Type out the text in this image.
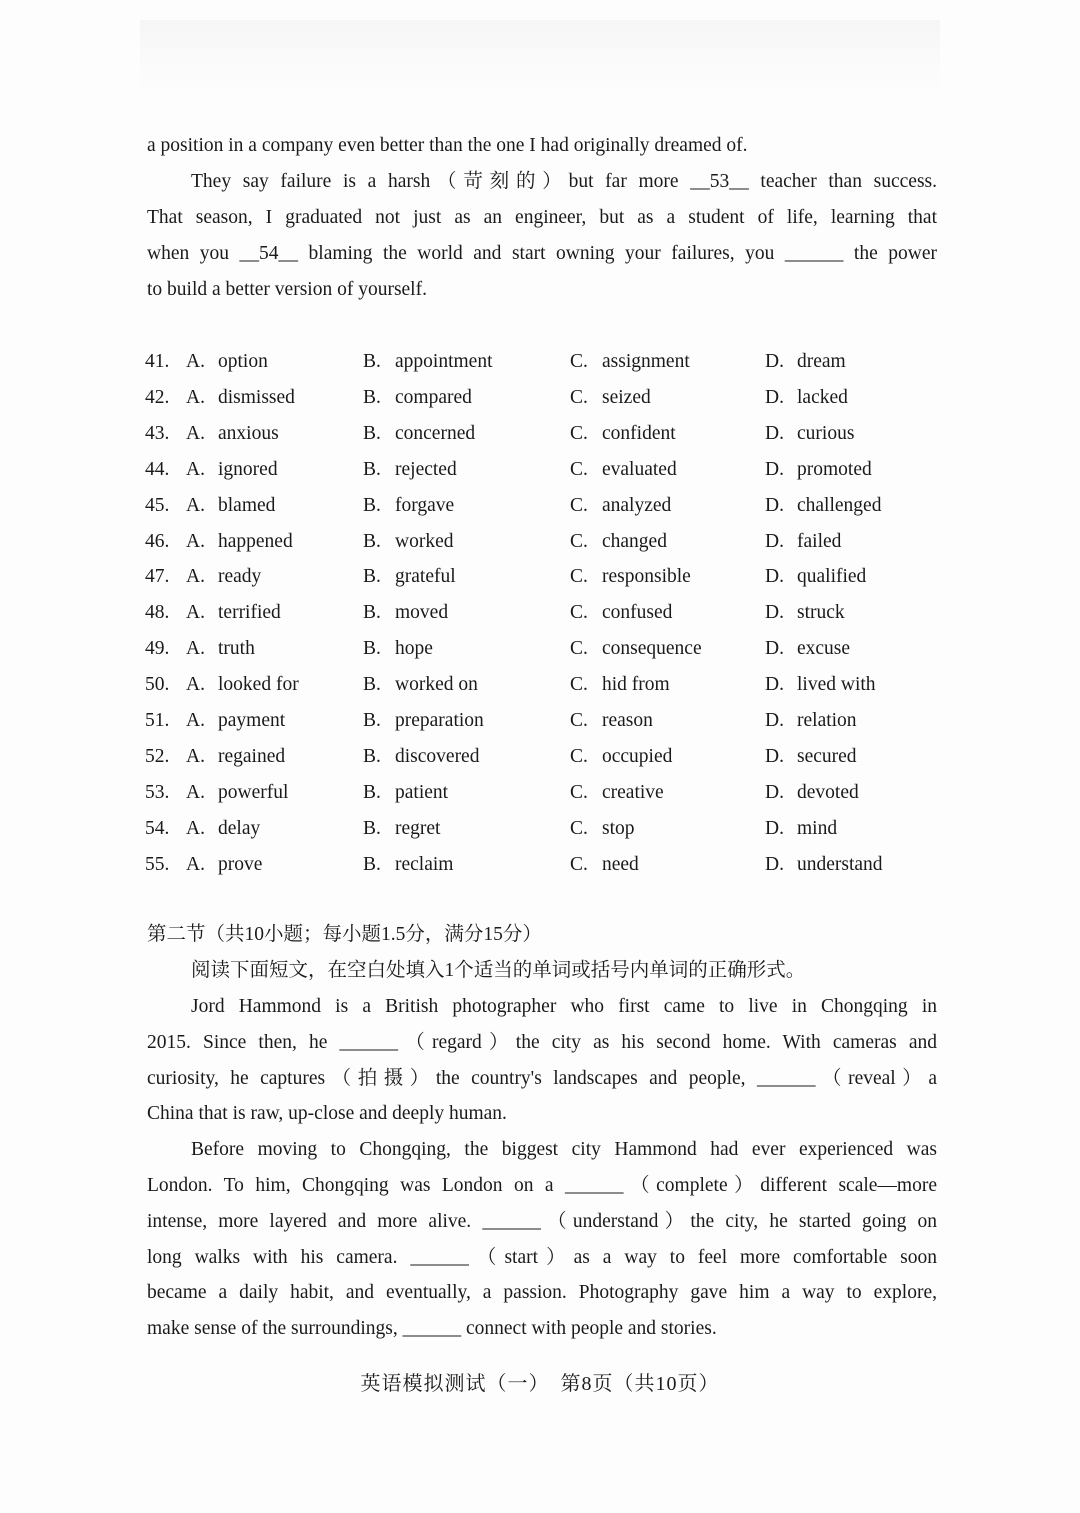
a position in a company even better than the one I had originally dreamed of.
They say failure is a harsh（苛刻的）but far more __53__ teacher than success.
That season, I graduated not just as an engineer, but as a student of life, learning that
when you __54__ blaming the world and start owning your failures, you ______ the power
to build a better version of yourself.
41. A. option	B. appointment	C. assignment	D. dream
42. A. dismissed	B. compared	C. seized	D. lacked
43. A. anxious	B. concerned	C. confident	D. curious
44. A. ignored	B. rejected	C. evaluated	D. promoted
45. A. blamed	B. forgave	C. analyzed	D. challenged
46. A. happened	B. worked	C. changed	D. failed
47. A. ready	B. grateful	C. responsible	D. qualified
48. A. terrified	B. moved	C. confused	D. struck
49. A. truth	B. hope	C. consequence	D. excuse
50. A. looked for	B. worked on	C. hid from	D. lived with
51. A. payment	B. preparation	C. reason	D. relation
52. A. regained	B. discovered	C. occupied	D. secured
53. A. powerful	B. patient	C. creative	D. devoted
54. A. delay	B. regret	C. stop	D. mind
55. A. prove	B. reclaim	C. need	D. understand
第二节（共10小题；每小题1.5分，满分15分）
阅读下面短文，在空白处填入1个适当的单词或括号内单词的正确形式。
Jord Hammond is a British photographer who first came to live in Chongqing in
2015. Since then, he ______（regard）the city as his second home. With cameras and
curiosity, he captures（拍摄）the country's landscapes and people, ______（reveal）a
China that is raw, up-close and deeply human.
Before moving to Chongqing, the biggest city Hammond had ever experienced was
London. To him, Chongqing was London on a ______（complete）different scale—more
intense, more layered and more alive. ______（understand）the city, he started going on
long walks with his camera. ______（start）as a way to feel more comfortable soon
became a daily habit, and eventually, a passion. Photography gave him a way to explore,
make sense of the surroundings, ______ connect with people and stories.
英语模拟测试（一）　第8页（共10页）
